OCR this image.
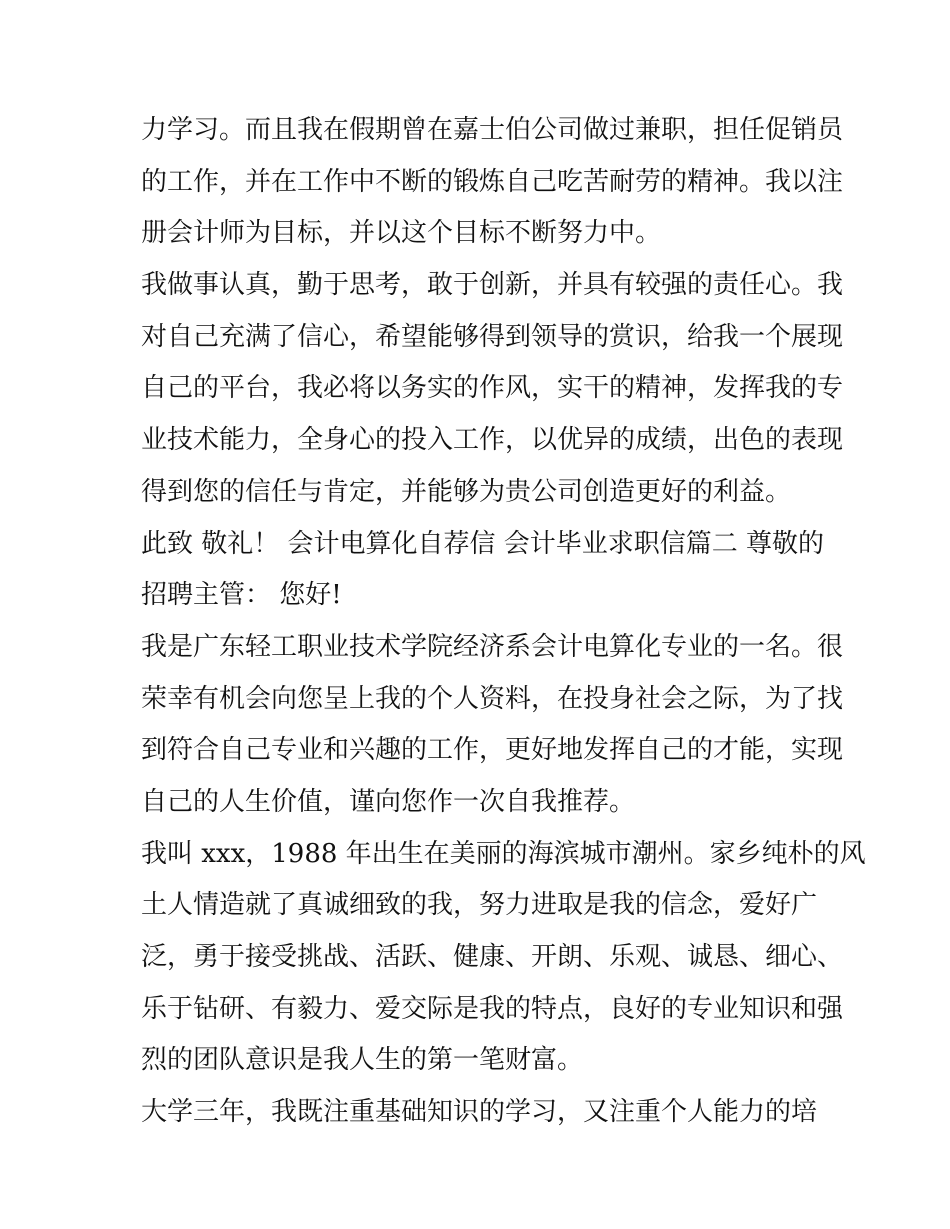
力学习。而且我在假期曾在嘉士伯公司做过兼职，担任促销员
的工作，并在工作中不断的锻炼自己吃苦耐劳的精神。我以注
册会计师为目标，并以这个目标不断努力中。
我做事认真，勤于思考，敢于创新，并具有较强的责任心。我
对自己充满了信心，希望能够得到领导的赏识，给我一个展现
自己的平台，我必将以务实的作风，实干的精神，发挥我的专
业技术能力，全身心的投入工作，以优异的成绩，出色的表现
得到您的信任与肯定，并能够为贵公司创造更好的利益。
此致 敬礼！ 会计电算化自荐信 会计毕业求职信篇二 尊敬的
招聘主管： 您好!
我是广东轻工职业技术学院经济系会计电算化专业的一名。很
荣幸有机会向您呈上我的个人资料，在投身社会之际，为了找
到符合自己专业和兴趣的工作，更好地发挥自己的才能，实现
自己的人生价值，谨向您作一次自我推荐。
我叫 xxx，1988 年出生在美丽的海滨城市潮州。家乡纯朴的风
土人情造就了真诚细致的我，努力进取是我的信念，爱好广
泛，勇于接受挑战、活跃、健康、开朗、乐观、诚恳、细心、
乐于钻研、有毅力、爱交际是我的特点，良好的专业知识和强
烈的团队意识是我人生的第一笔财富。
大学三年，我既注重基础知识的学习，又注重个人能力的培
